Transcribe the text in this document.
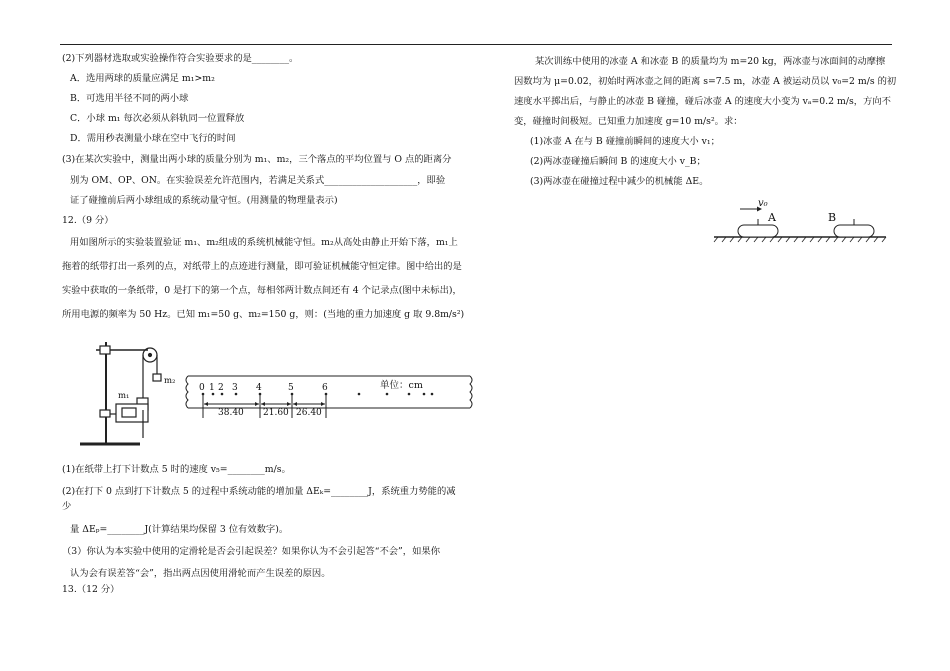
(2)下列器材选取或实验操作符合实验要求的是________。
A．选用两球的质量应满足 m₁>m₂
B．可选用半径不同的两小球
C．小球 m₁ 每次必须从斜轨同一位置释放
D．需用秒表测量小球在空中飞行的时间
(3)在某次实验中，测量出两小球的质量分别为 m₁、m₂，三个落点的平均位置与 O 点的距离分
别为 OM、OP、ON。在实验误差允许范围内，若满足关系式____________________，即验
证了碰撞前后两小球组成的系统动量守恒。(用测量的物理量表示)
12.（9 分）
用如图所示的实验装置验证 m₁、m₂组成的系统机械能守恒。m₂从高处由静止开始下落，m₁上
拖着的纸带打出一系列的点，对纸带上的点迹进行测量，即可验证机械能守恒定律。图中给出的是
实验中获取的一条纸带，0 是打下的第一个点，每相邻两计数点间还有 4 个记录点(图中未标出)，
所用电源的频率为 50 Hz。已知 m₁=50 g、m₂=150 g，则：(当地的重力加速度 g 取 9.8m/s²)
m₁
m₂
0 1 2 3 4	5	6	单位：cm
38.40 21.60 26.40
(1)在纸带上打下计数点 5 时的速度 v₅=________m/s。
(2)在打下 0 点到打下计数点 5 的过程中系统动能的增加量 ΔEₖ=________J，系统重力势能的减
少
量 ΔEₚ=________J(计算结果均保留 3 位有效数字)。
（3）你认为本实验中使用的定滑轮是否会引起误差？如果你认为不会引起答“不会”，如果你
认为会有误差答“会”，指出两点因使用滑轮而产生误差的原因。
13.（12 分）
某次训练中使用的冰壶 A 和冰壶 B 的质量均为 m=20 kg，两冰壶与冰面间的动摩擦
因数均为 μ=0.02，初始时两冰壶之间的距离 s=7.5 m，冰壶 A 被运动员以 v₀=2 m/s 的初
速度水平掷出后，与静止的冰壶 B 碰撞，碰后冰壶 A 的速度大小变为 vₐ=0.2 m/s，方向不
变，碰撞时间极短。已知重力加速度 g=10 m/s²。求：
(1)冰壶 A 在与 B 碰撞前瞬间的速度大小 v₁；
(2)两冰壶碰撞后瞬间 B 的速度大小 v_B；
(3)两冰壶在碰撞过程中减少的机械能 ΔE。
v₀
A	B
